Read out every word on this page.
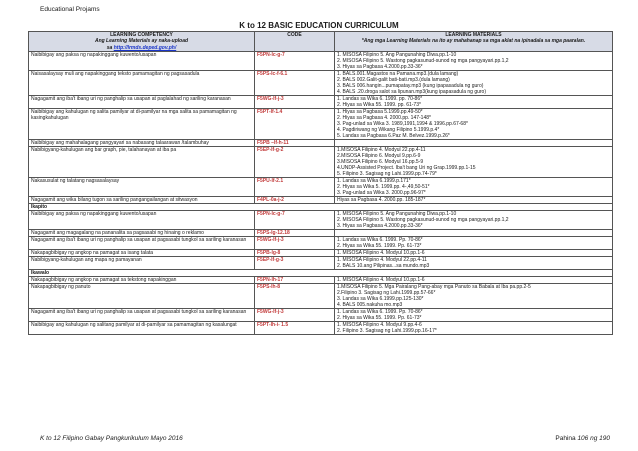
Educational Projams
K to 12 BASIC EDUCATION CURRICULUM
LEARNING COMPETENCY
Ang Learning Materials ay naka-upload
sa http://lrmds.deped.gov.ph/	CODE	LEARNING MATERIALS
*Ang mga Learning Materials na ito ay mahahanap sa mga aklat na ipinadala sa mga paaralan.

Naibibigay ang paksa ng napakinggang kuwento/usapan	F5PN-Ic-g-7	1. MISOSA Filipino 5. Ang Pangunahing Diwa.pp.1-10
2. MISOSA Filipino 5. Wastong pagkasunud-sunod ng mga pangyayari.pp.1,2
3. Hiyas sa Pagbasa 4.2000.pp.33-36*

Naisasalaysay muli ang napakinggang teksto pamamagitan ng pagsasadula	F5PS-Ic-f-6.1	1. BALS.001.Magastos na Pamana.mp3.(dula lamang)
2. BALS 002.Galit-galit bati-bati.mp3.(dula lamang)
3. BALS 006.hangin...pumapatay.mp3 (kung ipapasadula ng guro)
4. BALS .20.droga salot sa lipunan.mp3(kung ipapasadula ng guro)

Nagagamit ang iba't ibang uri ng panghalip sa usapan at paglalahad ng sariling karanasan	F5WG-If-j-3	1. Landas sa Wika 6. 1999. pp. 70-86*
2. Hiyas sa Wika 55. 1999. pp. 61-73*

Naibibigay ang kahulugan ng salita pamilyar at di-pamilyar na mga salita sa pamamagitan ng kasingkahulugan	F5PT-If-1.4	1. Hiyas sa Pagbasa 5.1999.pp.49-50*
2. Hiyas sa Pagbasa 4. 2000.pp. 147-148*
3. Pag-unlad sa Wika 3. 1989,1991,1994 & 1996.pp.67-68*
4. Pagdiriwang ng Wikang Filipino 5.1999.p.4*
5. Landas sa Pagbasa 6.Paz M. Belvez.1999.p.26*

Naibibigay ang mahahalagang pangyayari sa nabasang talaarawan /talambuhay	F5PB –If-h-11	
Nabibigyang-kahulugan ang bar graph, pie, talahanayan at iba pa	F5EP-If-g-2	1.MISOSA Filipino 4. Modyul 22.pp.4-11
2.MISOSA Filipino 6. Modyul 9.pp.6-9
3.MISOSA Filipino 6. Modyul 16.pp.5-9
4.UNDP-Assisted Project. Iba't bang Uri ng Grap.1999.pp.1-15
5. Filipino 3. Sagisag ng Lahi.1999.pp.74-79*

Nakasusulat ng talatang nagsasalaysay	F5PU-If-2.1	1. Landas sa Wika 6.1999.p.171*
2. Hiyas sa Wika 5. 1999.pp. 4-,49,50-51*
3. Pag-unlad sa Wika 3. 2000.pp.96-97*

Nagagamit ang wika bilang tugon sa sariling pangangailangan at sitwasyon	F4PL-0a-j-2	Hiyas sa Pagbasa 4. 2000.pp. 185-187*

Ikapito		
Naibibigay ang paksa ng napakinggang kuwento/usapan	F5PN-Ic-g-7	1. MISOSA Filipino 5. Ang Pangunahing Diwa.pp.1-10
2. MISOSA Filipino 5. Wastong pagkasunud-sunod ng mga pangyayari.pp.1,2
3. Hiyas sa Pagbasa 4.2000.pp.33-36*

Nagagamit ang magagalang na pananalita sa pagsasabi ng hinaing o reklamo	F5PS-Ig-12.18	
Nagagamit ang iba't ibang uri ng panghalip sa usapan at pagsasabi tungkol sa sariling karanasan	F5WG-If-j-3	1. Landas sa Wika 6. 1999. Pp. 70-86*
2. Hiyas sa Wika 55. 1999. Pp. 61-73*

Nakapagbibigay ng angkop na pamagat sa isang talata	F5PB-Ig-8	1. MISOSA Filipino 4. Modyul 10.pp.1-6

Nabibigyang-kahulugan ang mapa ng pamayanan	F5EP-If-g-3	1. MISOSA Filipino 4. Modyul 22.pp.4-11
2. BALS 10.ang Pilipinas...sa mundo.mp3

Ikawalo		
Nakapagbibigay ng angkop na pamagat sa tekstong napakinggan	F5PN-Ih-17	1. MISOSA Filipino 4. Modyul 10.pp.1-6

Nakapagbibigay ng panuto	F5PS-Ih-8	1.MISOSA Filipino 5. Mga Pairalang Pang-abay mga Panuto sa Babala at Iba pa.pp.2-5
2.Filipino 3. Sagisag ng Lahi.1999.pp.57-66*
3. Landas sa Wika 6.1999.pp.125-130*
4. BALS 005.nakuha mo.mp3

Nagagamit ang iba't ibang uri ng panghalip sa usapan at pagsasabi tungkol sa sariling karanasan	F5WG-If-j-3	1. Landas sa Wika 6. 1999. Pp. 70-86*
2. Hiyas sa Wika 55. 1999. Pp. 61-73*

Naibibigay ang kahulugan ng salitang pamilyar at di-pamilyar sa pamamagitan ng kasalungat	F5PT-Ih-i- 1.5	1. MISOSA Filipino 4. Modyul 9.pp.4-6
2. Filipino 3. Sagisag ng Lahi.1999.pp.16-17*
K to 12 Filipino Gabay Pangkurikulum Mayo 2016	Pahina 106 ng 190
